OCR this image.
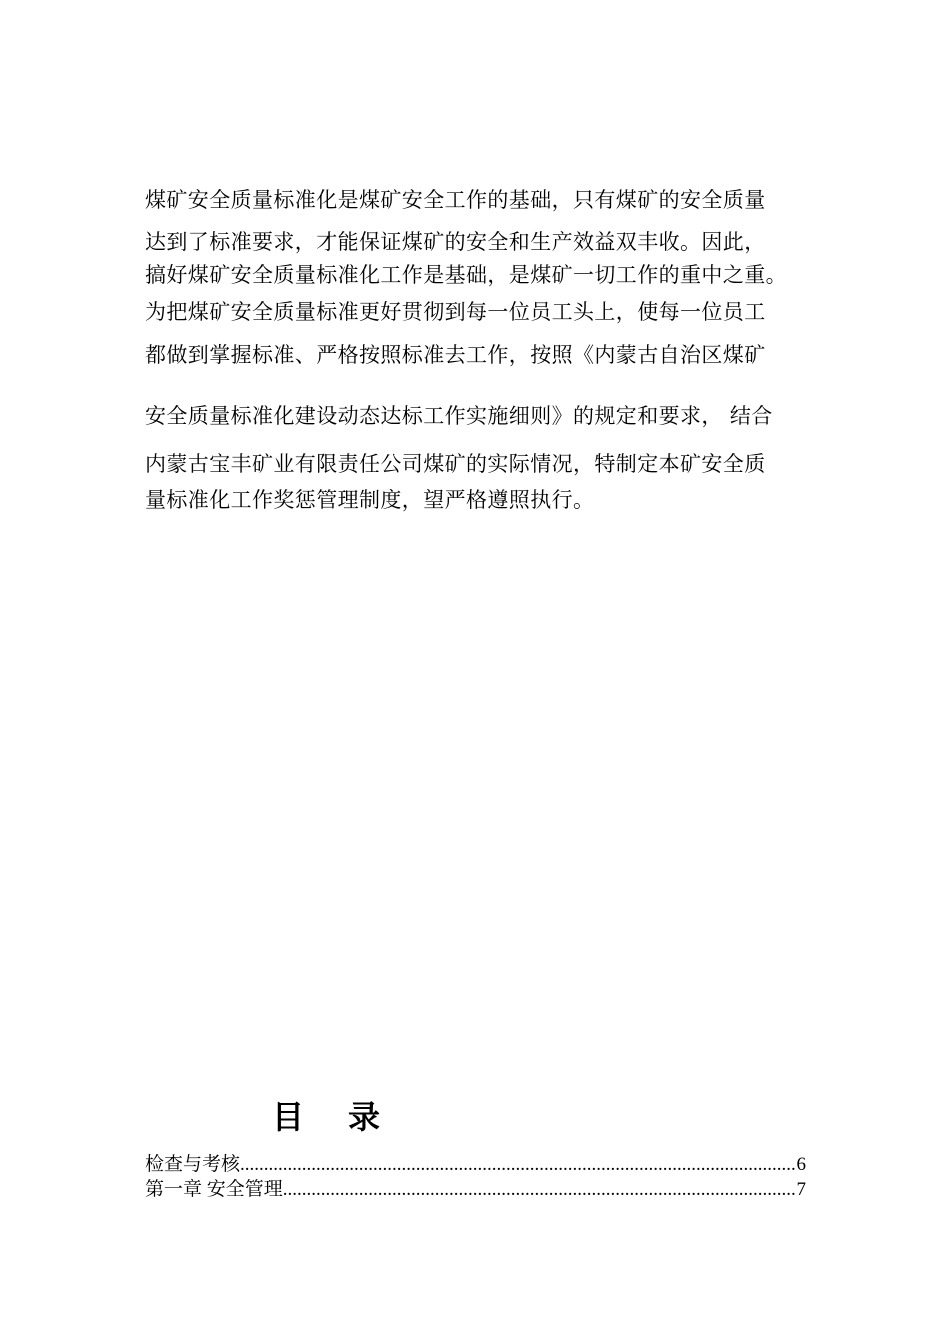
煤矿安全质量标准化是煤矿安全工作的基础，只有煤矿的安全质量
达到了标准要求，才能保证煤矿的安全和生产效益双丰收。因此，
搞好煤矿安全质量标准化工作是基础，是煤矿一切工作的重中之重。
为把煤矿安全质量标准更好贯彻到每一位员工头上，使每一位员工
都做到掌握标准、严格按照标准去工作，按照《内蒙古自治区煤矿
安全质量标准化建设动态达标工作实施细则》的规定和要求， 结合
内蒙古宝丰矿业有限责任公司煤矿的实际情况，特制定本矿安全质
量标准化工作奖惩管理制度，望严格遵照执行。
目录
检查与考核 .....	6
第一章 安全管理 .....	7
